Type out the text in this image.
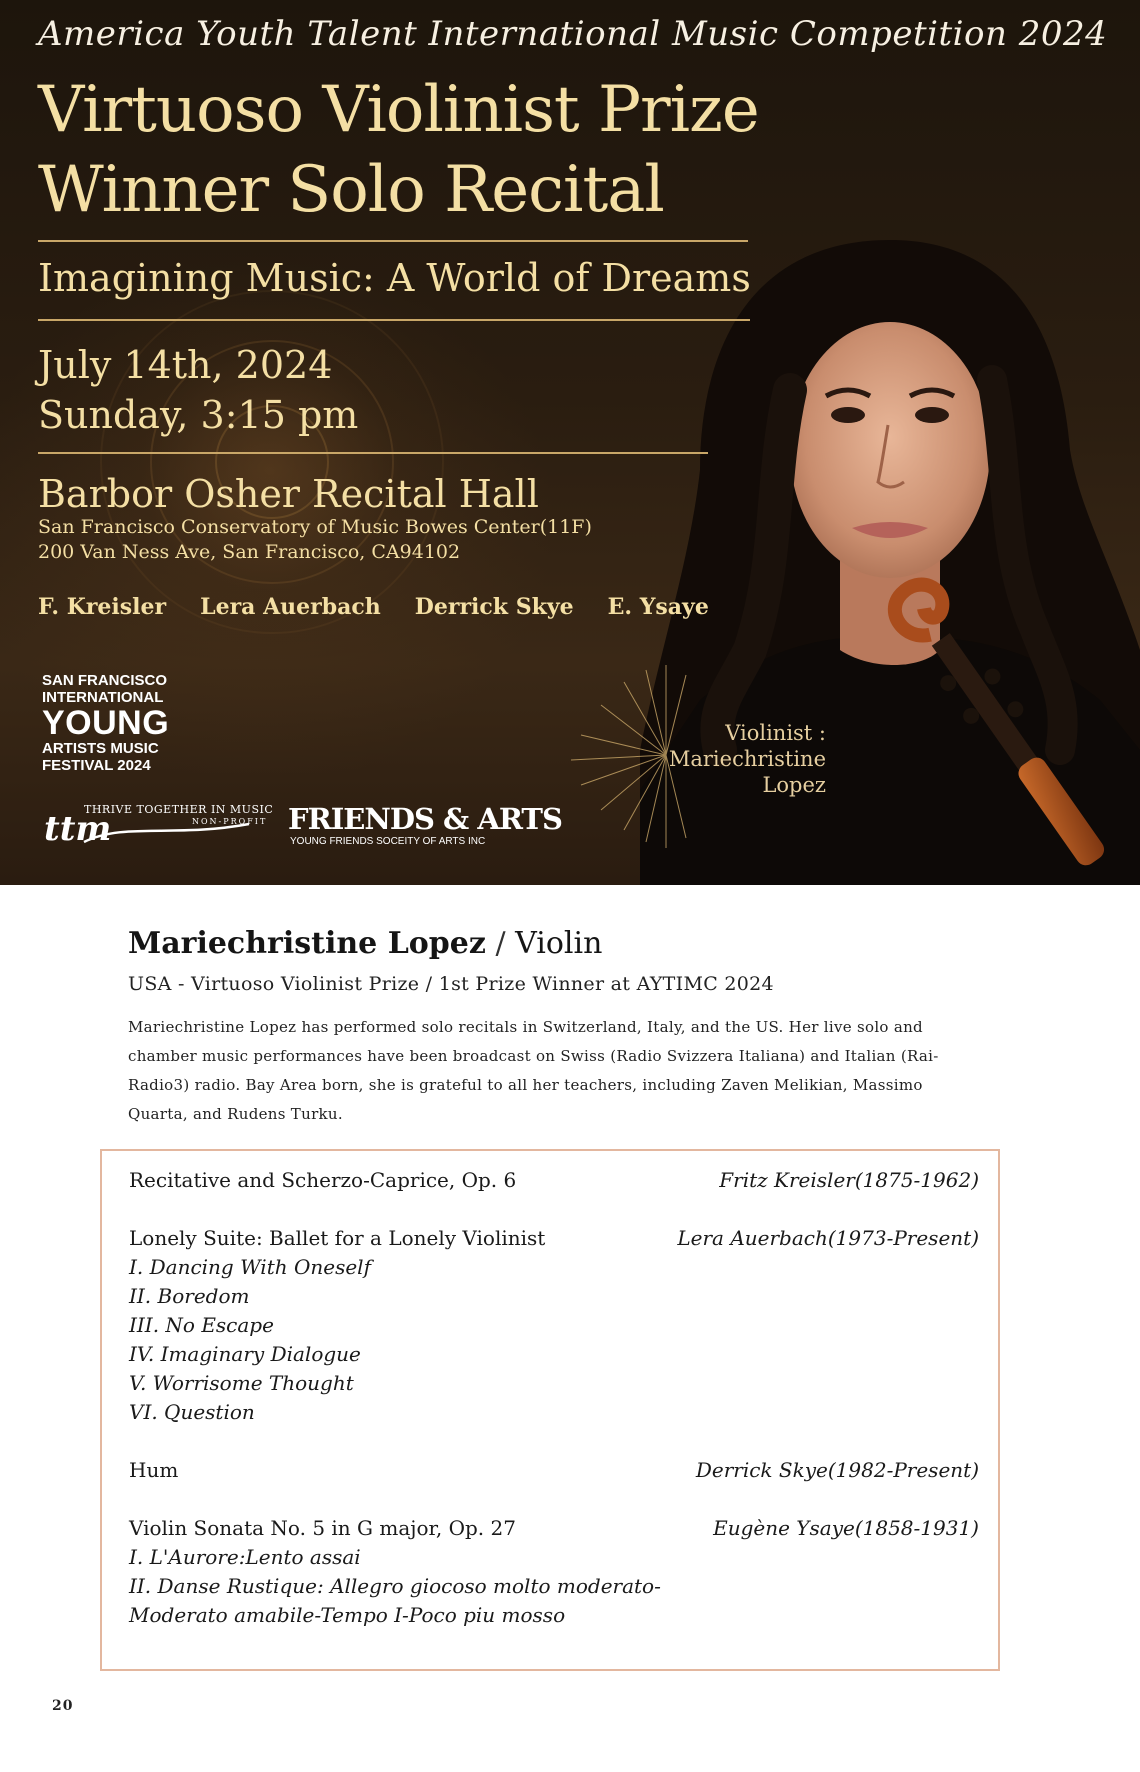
America Youth Talent International Music Competition 2024
Virtuoso Violinist Prize
Winner Solo Recital
Imagining Music: A World of Dreams
July 14th, 2024
Sunday, 3:15 pm
Barbor Osher Recital Hall
San Francisco Conservatory of Music Bowes Center(11F)
200 Van Ness Ave, San Francisco, CA94102
F. Kreisler Lera Auerbach Derrick Skye E. Ysaye
SAN FRANCISCO
INTERNATIONAL
YOUNG
ARTISTS MUSIC
FESTIVAL 2024
ttm
THRIVE TOGETHER IN MUSIC
NON-PROFIT FRIENDS & ARTS
YOUNG FRIENDS SOCEITY OF ARTS INC
Violinist :
Mariechristine Lopez
Mariechristine Lopez / Violin
USA - Virtuoso Violinist Prize / 1st Prize Winner at AYTIMC 2024
Mariechristine Lopez has performed solo recitals in Switzerland, Italy, and the US. Her live solo and
chamber music performances have been broadcast on Swiss (Radio Svizzera Italiana) and Italian (Rai-
Radio3) radio. Bay Area born, she is grateful to all her teachers, including Zaven Melikian, Massimo
Quarta, and Rudens Turku.
Recitative and Scherzo-Caprice, Op. 6	Fritz Kreisler(1875-1962)
Lonely Suite: Ballet for a Lonely Violinist	Lera Auerbach(1973-Present)
I. Dancing With Oneself
II. Boredom
III. No Escape
IV. Imaginary Dialogue
V. Worrisome Thought
VI. Question
Hum	Derrick Skye(1982-Present)
Violin Sonata No. 5 in G major, Op. 27	Eugène Ysaye(1858-1931)
I. L'Aurore:Lento assai
II. Danse Rustique: Allegro giocoso molto moderato-
Moderato amabile-Tempo I-Poco piu mosso
20
